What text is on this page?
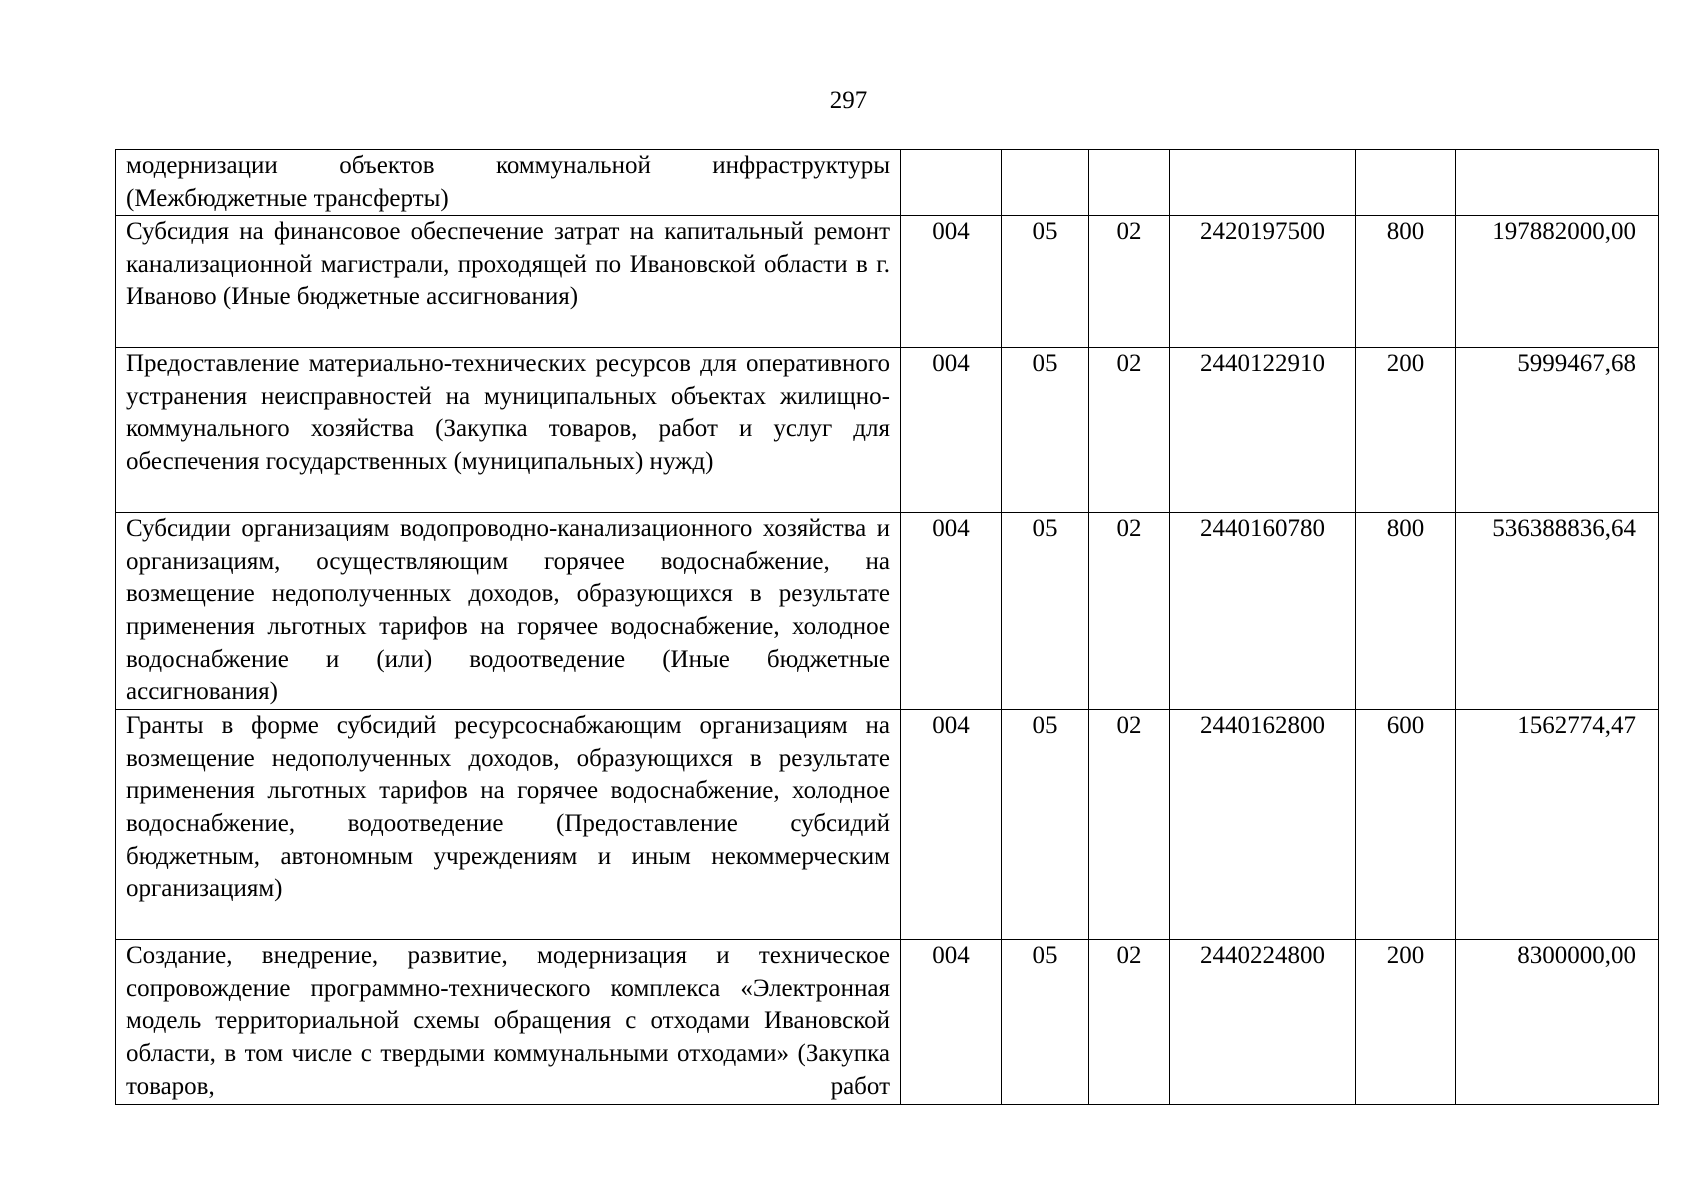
297
модернизации объектов коммунальной инфраструктуры (Межбюджетные трансферты)						
Субсидия на финансовое обеспечение затрат на капитальный ремонт канализационной магистрали, проходящей по Ивановской области в г. Иваново (Иные бюджетные ассигнования)	004	05	02	2420197500	800	197882000,00
Предоставление материально-технических ресурсов для оперативного устранения неисправностей на муниципальных объектах жилищно-коммунального хозяйства (Закупка товаров, работ и услуг для обеспечения государственных (муниципальных) нужд)	004	05	02	2440122910	200	5999467,68
Субсидии организациям водопроводно-канализационного хозяйства и организациям, осуществляющим горячее водоснабжение, на возмещение недополученных доходов, образующихся в результате применения льготных тарифов на горячее водоснабжение, холодное водоснабжение и (или) водоотведение (Иные бюджетные ассигнования)	004	05	02	2440160780	800	536388836,64
Гранты в форме субсидий ресурсоснабжающим организациям на возмещение недополученных доходов, образующихся в результате применения льготных тарифов на горячее водоснабжение, холодное водоснабжение, водоотведение (Предоставление субсидий бюджетным, автономным учреждениям и иным некоммерческим организациям)	004	05	02	2440162800	600	1562774,47
Создание, внедрение, развитие, модернизация и техническое сопровождение программно-технического комплекса «Электронная модель территориальной схемы обращения с отходами Ивановской области, в том числе с твердыми коммунальными отходами» (Закупка товаров, работ	004	05	02	2440224800	200	8300000,00
